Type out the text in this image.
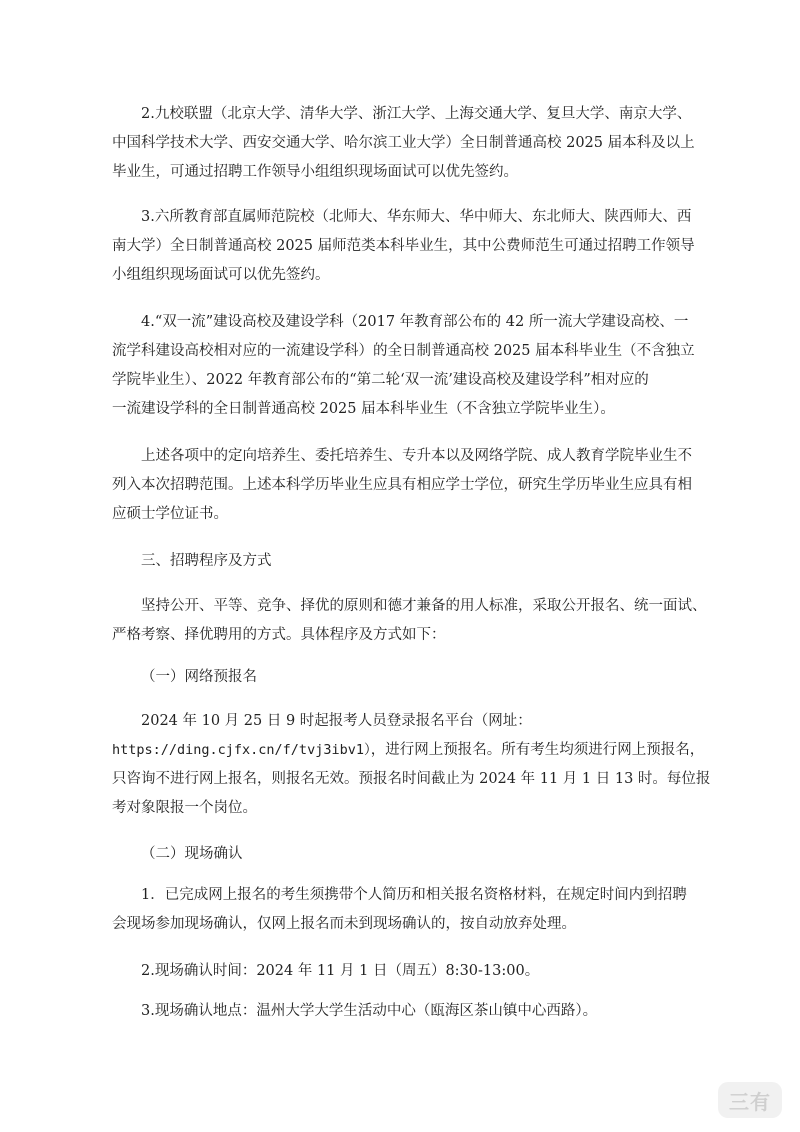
2.九校联盟（北京大学、清华大学、浙江大学、上海交通大学、复旦大学、南京大学、
中国科学技术大学、西安交通大学、哈尔滨工业大学）全日制普通高校 2025 届本科及以上
毕业生，可通过招聘工作领导小组组织现场面试可以优先签约。

3.六所教育部直属师范院校（北师大、华东师大、华中师大、东北师大、陕西师大、西
南大学）全日制普通高校 2025 届师范类本科毕业生，其中公费师范生可通过招聘工作领导
小组组织现场面试可以优先签约。

4.“双一流”建设高校及建设学科（2017 年教育部公布的 42 所一流大学建设高校、一
流学科建设高校相对应的一流建设学科）的全日制普通高校 2025 届本科毕业生（不含独立
学院毕业生）、2022 年教育部公布的“第二轮‘双一流’建设高校及建设学科”相对应的
一流建设学科的全日制普通高校 2025 届本科毕业生（不含独立学院毕业生）。

上述各项中的定向培养生、委托培养生、专升本以及网络学院、成人教育学院毕业生不
列入本次招聘范围。上述本科学历毕业生应具有相应学士学位，研究生学历毕业生应具有相
应硕士学位证书。

三、招聘程序及方式

坚持公开、平等、竞争、择优的原则和德才兼备的用人标准，采取公开报名、统一面试、
严格考察、择优聘用的方式。具体程序及方式如下：

（一）网络预报名

2024 年 10 月 25 日 9 时起报考人员登录报名平台（网址：
https://ding.cjfx.cn/f/tvj3ibv1），进行网上预报名。所有考生均须进行网上预报名，
只咨询不进行网上报名，则报名无效。预报名时间截止为 2024 年 11 月 1 日 13 时。每位报
考对象限报一个岗位。

（二）现场确认

1．已完成网上报名的考生须携带个人简历和相关报名资格材料，在规定时间内到招聘
会现场参加现场确认，仅网上报名而未到现场确认的，按自动放弃处理。

2.现场确认时间：2024 年 11 月 1 日（周五）8:30-13:00。

3.现场确认地点：温州大学大学生活动中心（瓯海区茶山镇中心西路）。

三有
